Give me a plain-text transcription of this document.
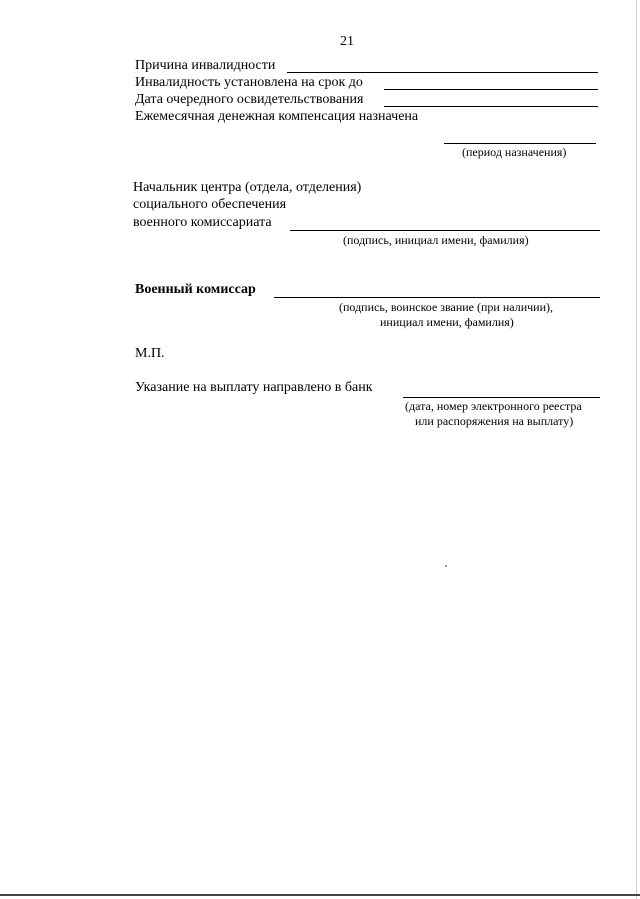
21
Причина инвалидности
Инвалидность установлена на срок до
Дата очередного освидетельствования
Ежемесячная денежная компенсация назначена
(период назначения)
Начальник центра (отдела, отделения)
социального обеспечения
военного комиссариата
(подпись, инициал имени, фамилия)
Военный комиссар
(подпись, воинское звание (при наличии),
инициал имени, фамилия)
М.П.
Указание на выплату направлено в банк
(дата, номер электронного реестра
или распоряжения на выплату)
